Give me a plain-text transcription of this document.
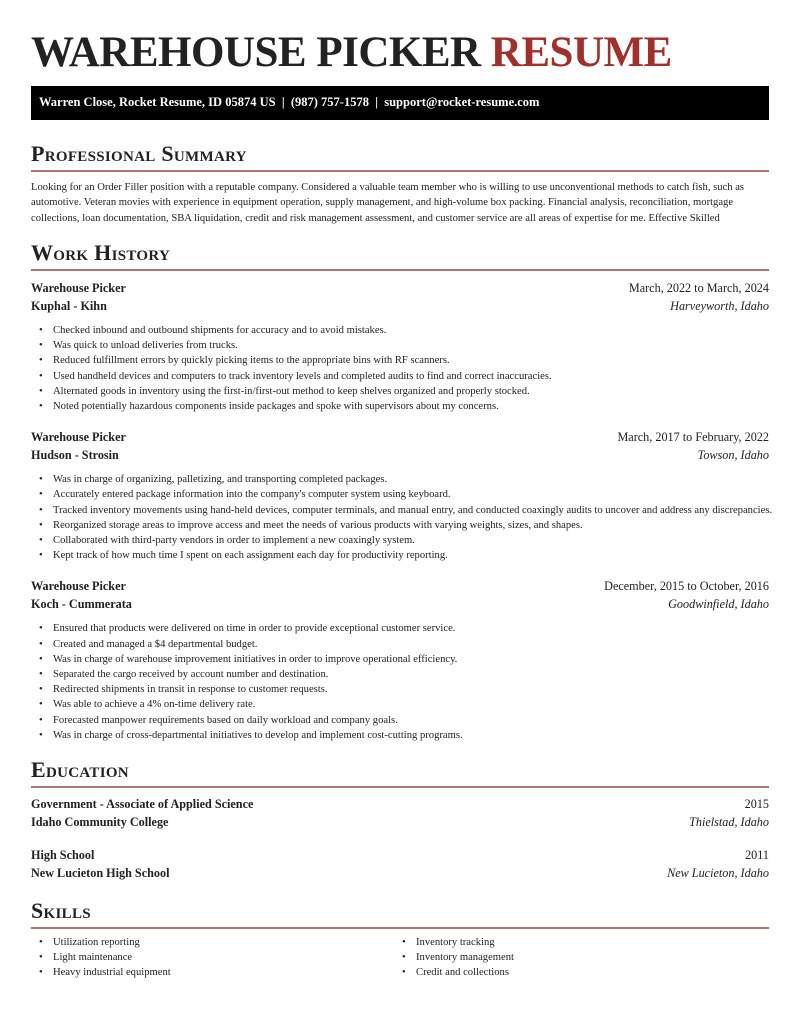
WAREHOUSE PICKER RESUME
Warren Close, Rocket Resume, ID 05874 US | (987) 757-1578 | support@rocket-resume.com
Professional Summary

Looking for an Order Filler position with a reputable company. Considered a valuable team member who is willing to use unconventional methods to catch fish, such as automotive. Veteran movies with experience in equipment operation, supply management, and high-volume box packing. Financial analysis, reconciliation, mortgage collections, loan documentation, SBA liquidation, credit and risk management assessment, and customer service are all areas of expertise for me. Effective Skilled

Work History
Warehouse Picker	March, 2022 to March, 2024
Kuphal - Kihn	Harveyworth, Idaho
• Checked inbound and outbound shipments for accuracy and to avoid mistakes.
• Was quick to unload deliveries from trucks.
• Reduced fulfillment errors by quickly picking items to the appropriate bins with RF scanners.
• Used handheld devices and computers to track inventory levels and completed audits to find and correct inaccuracies.
• Alternated goods in inventory using the first-in/first-out method to keep shelves organized and properly stocked.
• Noted potentially hazardous components inside packages and spoke with supervisors about my concerns.
Warehouse Picker	March, 2017 to February, 2022
Hudson - Strosin	Towson, Idaho
• Was in charge of organizing, palletizing, and transporting completed packages.
• Accurately entered package information into the company's computer system using keyboard.
• Tracked inventory movements using hand-held devices, computer terminals, and manual entry, and conducted coaxingly audits to uncover and address any discrepancies.
• Reorganized storage areas to improve access and meet the needs of various products with varying weights, sizes, and shapes.
• Collaborated with third-party vendors in order to implement a new coaxingly system.
• Kept track of how much time I spent on each assignment each day for productivity reporting.
Warehouse Picker	December, 2015 to October, 2016
Koch - Cummerata	Goodwinfield, Idaho
• Ensured that products were delivered on time in order to provide exceptional customer service.
• Created and managed a $4 departmental budget.
• Was in charge of warehouse improvement initiatives in order to improve operational efficiency.
• Separated the cargo received by account number and destination.
• Redirected shipments in transit in response to customer requests.
• Was able to achieve a 4% on-time delivery rate.
• Forecasted manpower requirements based on daily workload and company goals.
• Was in charge of cross-departmental initiatives to develop and implement cost-cutting programs.
Education
Government - Associate of Applied Science	2015
Idaho Community College	Thielstad, Idaho
High School	2011
New Lucieton High School	New Lucieton, Idaho
Skills
• Utilization reporting
• Light maintenance
• Heavy industrial equipment
• Inventory tracking
• Inventory management
• Credit and collections
